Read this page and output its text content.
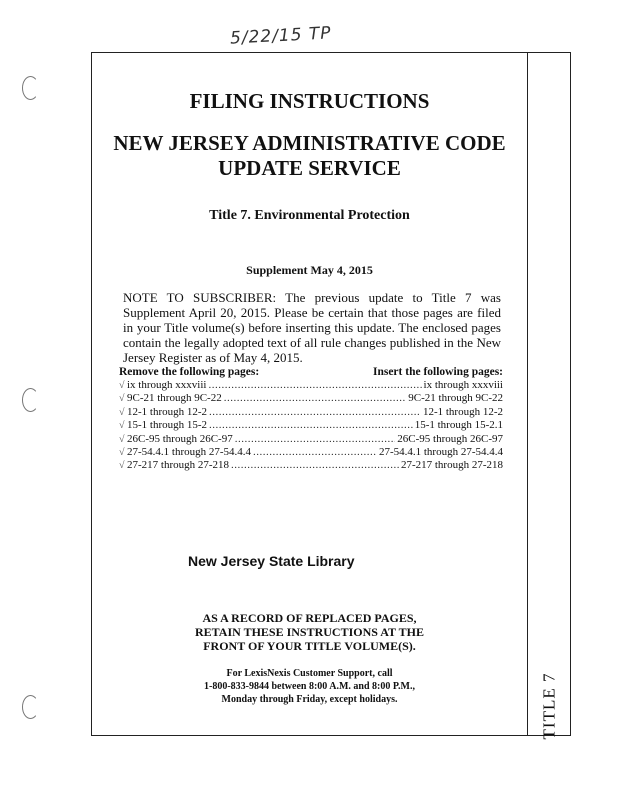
5/22/15 TP
TITLE 7
FILING INSTRUCTIONS
NEW JERSEY ADMINISTRATIVE CODE
UPDATE SERVICE
Title 7. Environmental Protection
Supplement May 4, 2015
NOTE TO SUBSCRIBER: The previous update to Title 7 was Supplement April 20, 2015. Please be certain that those pages are filed in your Title volume(s) before inserting this update. The enclosed pages contain the legally adopted text of all rule changes published in the New Jersey Register as of May 4, 2015.
Remove the following pages:	Insert the following pages:
√ ix through xxxviii .....	ix through xxxviii
√ 9C-21 through 9C-22 .....	9C-21 through 9C-22
√ 12-1 through 12-2 .....	12-1 through 12-2
√ 15-1 through 15-2 .....	15-1 through 15-2.1
√ 26C-95 through 26C-97 .....	26C-95 through 26C-97
√ 27-54.4.1 through 27-54.4.4 .....	27-54.4.1 through 27-54.4.4
√ 27-217 through 27-218 .....	27-217 through 27-218
New Jersey State Library
AS A RECORD OF REPLACED PAGES,
RETAIN THESE INSTRUCTIONS AT THE
FRONT OF YOUR TITLE VOLUME(S).
For LexisNexis Customer Support, call
1-800-833-9844 between 8:00 A.M. and 8:00 P.M.,
Monday through Friday, except holidays.
